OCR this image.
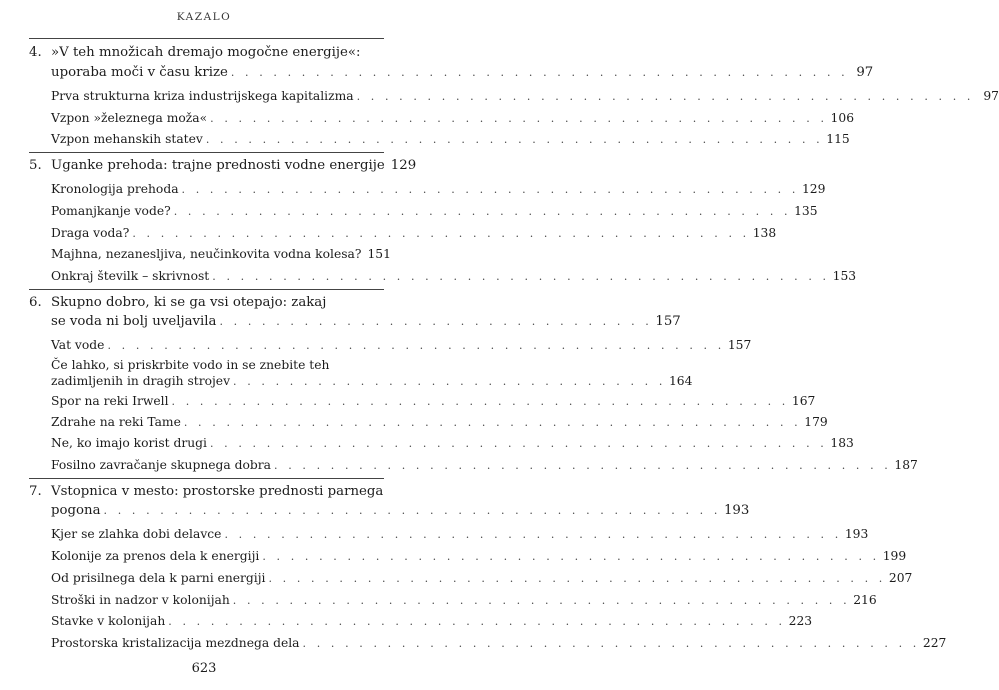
KAZALO
4. »V teh množicah dremajo mogočne energije«:
uporaba moči v času krize . . . . . . . . . . . . . . . . . . . . . . . . . . . . . . . . . . . . . . . . . . . . 97
Prva strukturna kriza industrijskega kapitalizma . . . . . . . . . . . . . . . . . . . . . . . . . . . . . . . . . . . . . . . . . . . . 97
Vzpon »železnega moža« . . . . . . . . . . . . . . . . . . . . . . . . . . . . . . . . . . . . . . . . . . . . 106
Vzpon mehanskih statev . . . . . . . . . . . . . . . . . . . . . . . . . . . . . . . . . . . . . . . . . . . . 115
5. Uganke prehoda: trajne prednosti vodne energije 129
Kronologija prehoda . . . . . . . . . . . . . . . . . . . . . . . . . . . . . . . . . . . . . . . . . . . . 129
Pomanjkanje vode? . . . . . . . . . . . . . . . . . . . . . . . . . . . . . . . . . . . . . . . . . . . . 135
Draga voda? . . . . . . . . . . . . . . . . . . . . . . . . . . . . . . . . . . . . . . . . . . . . 138
Majhna, nezanesljiva, neučinkovita vodna kolesa? 151
Onkraj številk – skrivnost . . . . . . . . . . . . . . . . . . . . . . . . . . . . . . . . . . . . . . . . . . . . 153
6. Skupno dobro, ki se ga vsi otepajo: zakaj
se voda ni bolj uveljavila . . . . . . . . . . . . . . . . . . . . . . . . . . . . . . . 157
Vat vode . . . . . . . . . . . . . . . . . . . . . . . . . . . . . . . . . . . . . . . . . . . . 157
Če lahko, si priskrbite vodo in se znebite teh
zadimljenih in dragih strojev . . . . . . . . . . . . . . . . . . . . . . . . . . . . . . . 164
Spor na reki Irwell . . . . . . . . . . . . . . . . . . . . . . . . . . . . . . . . . . . . . . . . . . . . 167
Zdrahe na reki Tame . . . . . . . . . . . . . . . . . . . . . . . . . . . . . . . . . . . . . . . . . . . . 179
Ne, ko imajo korist drugi . . . . . . . . . . . . . . . . . . . . . . . . . . . . . . . . . . . . . . . . . . . . 183
Fosilno zavračanje skupnega dobra . . . . . . . . . . . . . . . . . . . . . . . . . . . . . . . . . . . . . . . . . . . . 187
7. Vstopnica v mesto: prostorske prednosti parnega
pogona . . . . . . . . . . . . . . . . . . . . . . . . . . . . . . . . . . . . . . . . . . . . 193
Kjer se zlahka dobi delavce . . . . . . . . . . . . . . . . . . . . . . . . . . . . . . . . . . . . . . . . . . . . 193
Kolonije za prenos dela k energiji . . . . . . . . . . . . . . . . . . . . . . . . . . . . . . . . . . . . . . . . . . . . 199
Od prisilnega dela k parni energiji . . . . . . . . . . . . . . . . . . . . . . . . . . . . . . . . . . . . . . . . . . . . 207
Stroški in nadzor v kolonijah . . . . . . . . . . . . . . . . . . . . . . . . . . . . . . . . . . . . . . . . . . . . 216
Stavke v kolonijah . . . . . . . . . . . . . . . . . . . . . . . . . . . . . . . . . . . . . . . . . . . . 223
Prostorska kristalizacija mezdnega dela . . . . . . . . . . . . . . . . . . . . . . . . . . . . . . . . . . . . . . . . . . . . 227
623
